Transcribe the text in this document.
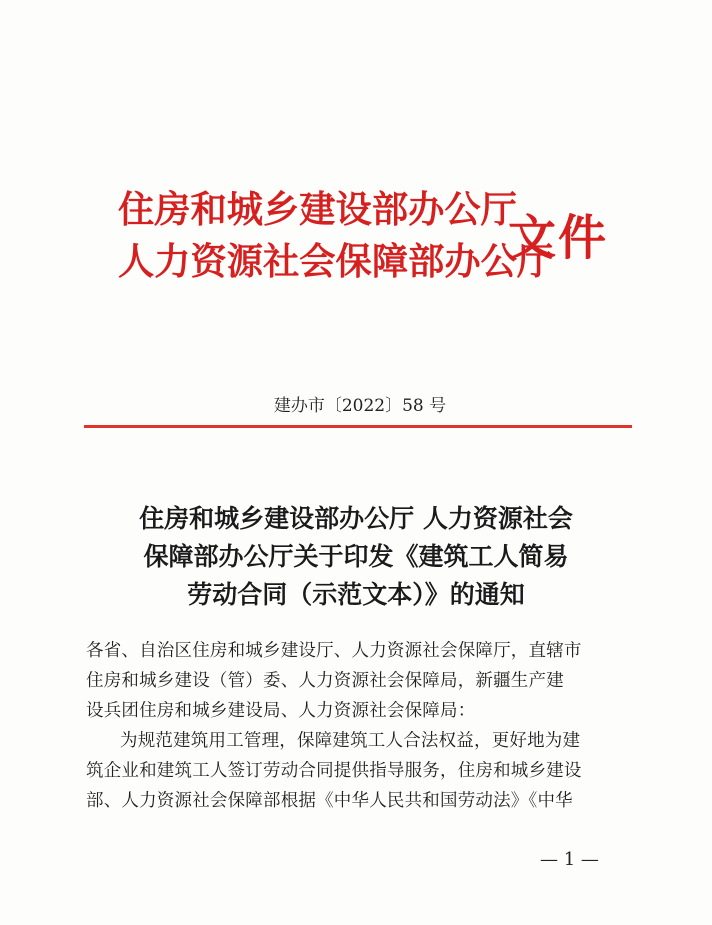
住房和城乡建设部办公厅
人力资源社会保障部办公厅
文件
建办市〔2022〕58 号
住房和城乡建设部办公厅 人力资源社会
保障部办公厅关于印发《建筑工人简易
劳动合同（示范文本）》的通知
各省、自治区住房和城乡建设厅、人力资源社会保障厅，直辖市
住房和城乡建设（管）委、人力资源社会保障局，新疆生产建
设兵团住房和城乡建设局、人力资源社会保障局：
为规范建筑用工管理，保障建筑工人合法权益，更好地为建
筑企业和建筑工人签订劳动合同提供指导服务，住房和城乡建设
部、人力资源社会保障部根据《中华人民共和国劳动法》《中华
— 1 —
